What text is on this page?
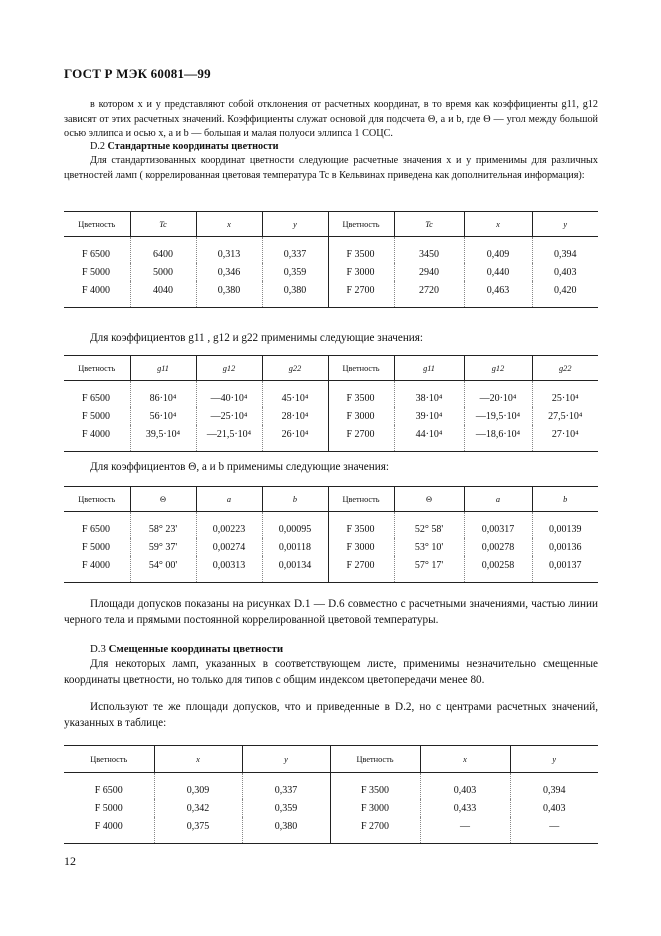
ГОСТ Р МЭК 60081—99
в котором x и y представляют собой отклонения от расчетных координат, в то время как коэффициенты g11, g12 зависят от этих расчетных значений. Коэффициенты служат основой для подсчета Θ, a и b, где Θ — угол между большой осью эллипса и осью x, a и b — большая и малая полуоси эллипса 1 СОЦС.
D.2 Стандартные координаты цветности
Для стандартизованных координат цветности следующие расчетные значения x и y применимы для различных цветностей ламп ( коррелированная цветовая температура Tc в Кельвинах приведена как дополнительная информация):
Цветность	Tc	x	y	Цветность	Tc	x	y
F 6500	6400	0,313	0,337	F 3500	3450	0,409	0,394
F 5000	5000	0,346	0,359	F 3000	2940	0,440	0,403
F 4000	4040	0,380	0,380	F 2700	2720	0,463	0,420
Для коэффициентов g11 , g12 и g22 применимы следующие значения:
Цветность	g11	g12	g22	Цветность	g11	g12	g22
F 6500	86·10⁴	—40·10⁴	45·10⁴	F 3500	38·10⁴	—20·10⁴	25·10⁴
F 5000	56·10⁴	—25·10⁴	28·10⁴	F 3000	39·10⁴	—19,5·10⁴	27,5·10⁴
F 4000	39,5·10⁴	—21,5·10⁴	26·10⁴	F 2700	44·10⁴	—18,6·10⁴	27·10⁴
Для коэффициентов Θ, a и b применимы следующие значения:
Цветность	Θ	a	b	Цветность	Θ	a	b
F 6500	58° 23'	0,00223	0,00095	F 3500	52° 58'	0,00317	0,00139
F 5000	59° 37'	0,00274	0,00118	F 3000	53° 10'	0,00278	0,00136
F 4000	54° 00'	0,00313	0,00134	F 2700	57° 17'	0,00258	0,00137
Площади допусков показаны на рисунках D.1 — D.6 совместно с расчетными значениями, частью линии черного тела и прямыми постоянной коррелированной цветовой температуры.
D.3 Смещенные координаты цветности
Для некоторых ламп, указанных в соответствующем листе, применимы незначительно смещенные координаты цветности, но только для типов с общим индексом цветопередачи менее 80.
Используют те же площади допусков, что и приведенные в D.2, но с центрами расчетных значений, указанных в таблице:
Цветность	x	y	Цветность	x	y
F 6500	0,309	0,337	F 3500	0,403	0,394
F 5000	0,342	0,359	F 3000	0,433	0,403
F 4000	0,375	0,380	F 2700	—	—
12
